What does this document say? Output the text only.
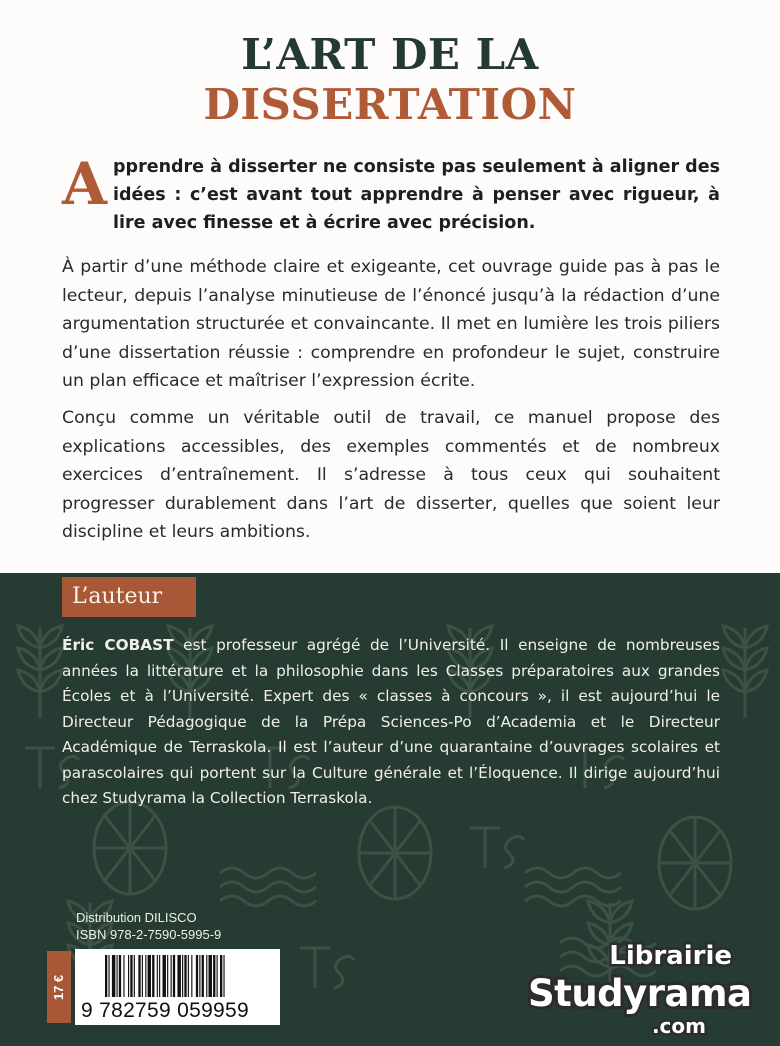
L’ART DE LA
DISSERTATION
Apprendre à disserter ne consiste pas seulement à aligner des idées : c’est avant tout apprendre à penser avec rigueur, à lire avec finesse et à écrire avec précision.
À partir d’une méthode claire et exigeante, cet ouvrage guide pas à pas le lecteur, depuis l’analyse minutieuse de l’énoncé jusqu’à la rédaction d’une argumentation structurée et convaincante. Il met en lumière les trois piliers d’une dissertation réussie : comprendre en profondeur le sujet, construire un plan efficace et maîtriser l’expression écrite.
Conçu comme un véritable outil de travail, ce manuel propose des explications accessibles, des exemples commentés et de nombreux exercices d’entraînement. Il s’adresse à tous ceux qui souhaitent progresser durablement dans l’art de disserter, quelles que soient leur discipline et leurs ambitions.
L’auteur
Éric COBAST est professeur agrégé de l’Université. Il enseigne de nombreuses années la littérature et la philosophie dans les Classes préparatoires aux grandes Écoles et à l’Université. Expert des « classes à concours », il est aujourd’hui le Directeur Pédagogique de la Prépa Sciences-Po d’Academia et le Directeur Académique de Terraskola. Il est l’auteur d’une quarantaine d’ouvrages scolaires et parascolaires qui portent sur la Culture générale et l’Éloquence. Il dirige aujourd’hui chez Studyrama la Collection Terraskola.
Distribution DILISCO
ISBN 978-2-7590-5995-9
17 €
9 782759 059959
Librairie
Studyrama
.com
